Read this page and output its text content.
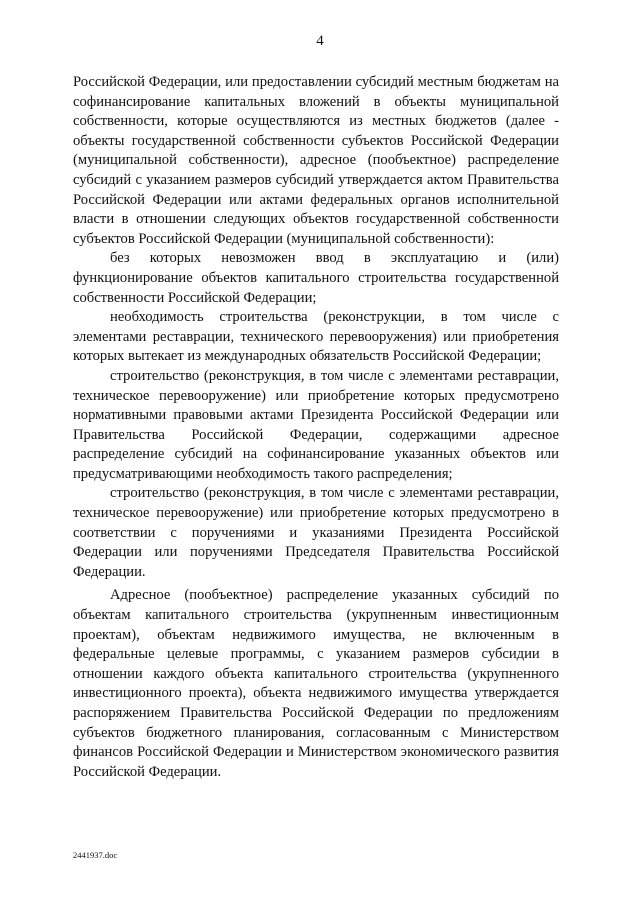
4

Российской Федерации, или предоставлении субсидий местным бюджетам на софинансирование капитальных вложений в объекты муниципальной собственности, которые осуществляются из местных бюджетов (далее - объекты государственной собственности субъектов Российской Федерации (муниципальной собственности), адресное (пообъектное) распределение субсидий с указанием размеров субсидий утверждается актом Правительства Российской Федерации или актами федеральных органов исполнительной власти в отношении следующих объектов государственной собственности субъектов Российской Федерации (муниципальной собственности):

без которых невозможен ввод в эксплуатацию и (или) функционирование объектов капитального строительства государственной собственности Российской Федерации;

необходимость строительства (реконструкции, в том числе с элементами реставрации, технического перевооружения) или приобретения которых вытекает из международных обязательств Российской Федерации;

строительство (реконструкция, в том числе с элементами реставрации, техническое перевооружение) или приобретение которых предусмотрено нормативными правовыми актами Президента Российской Федерации или Правительства Российской Федерации, содержащими адресное распределение субсидий на софинансирование указанных объектов или предусматривающими необходимость такого распределения;

строительство (реконструкция, в том числе с элементами реставрации, техническое перевооружение) или приобретение которых предусмотрено в соответствии с поручениями и указаниями Президента Российской Федерации или поручениями Председателя Правительства Российской Федерации.

Адресное (пообъектное) распределение указанных субсидий по объектам капитального строительства (укрупненным инвестиционным проектам), объектам недвижимого имущества, не включенным в федеральные целевые программы, с указанием размеров субсидии в отношении каждого объекта капитального строительства (укрупненного инвестиционного проекта), объекта недвижимого имущества утверждается распоряжением Правительства Российской Федерации по предложениям субъектов бюджетного планирования, согласованным с Министерством финансов Российской Федерации и Министерством экономического развития Российской Федерации.

2441937.doc
